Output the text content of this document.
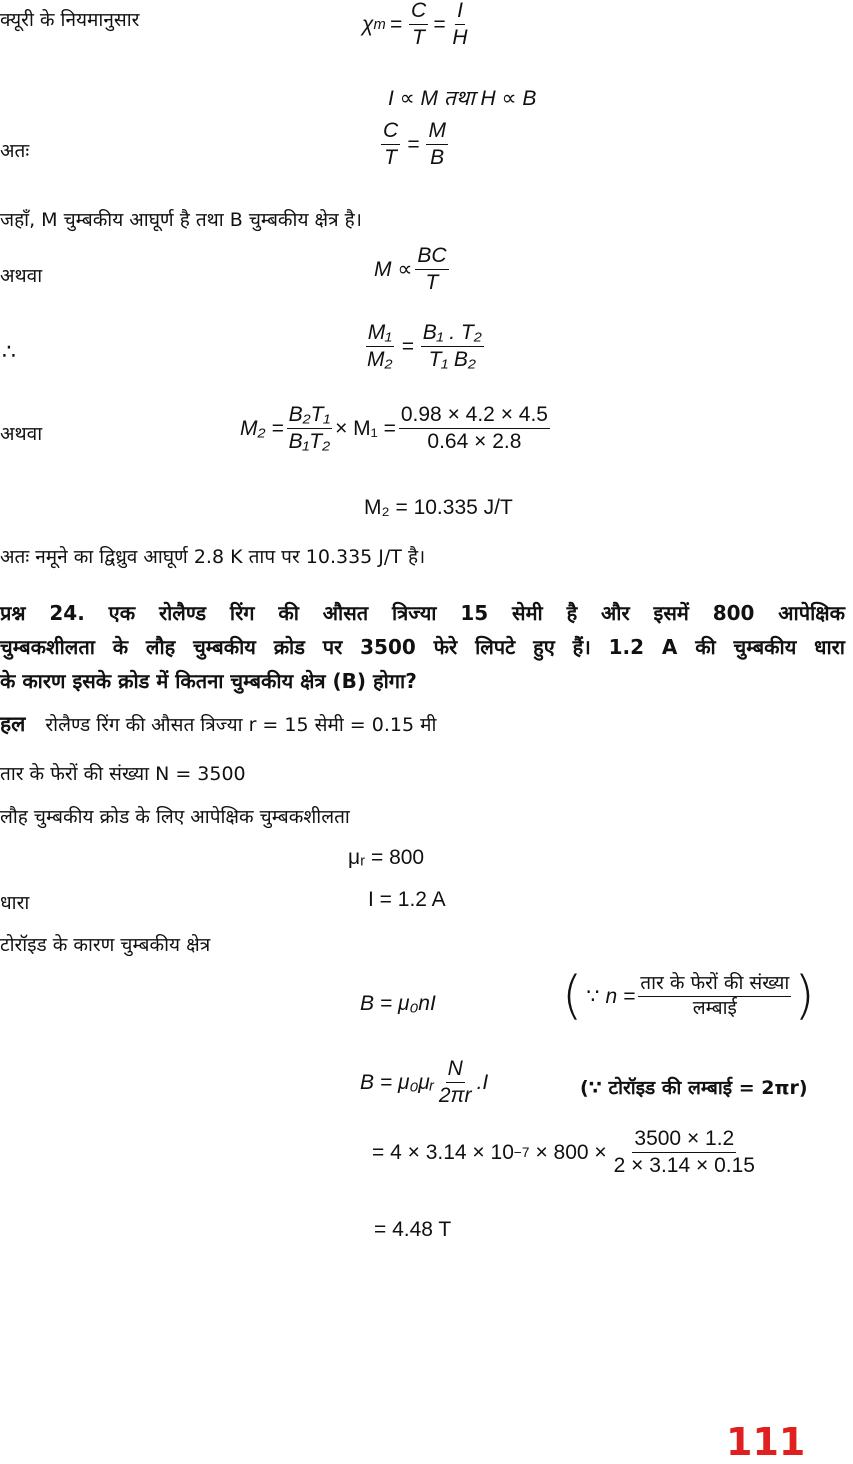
क्यूरी के नियमानुसार	χ $m = \frac{C}{T} = \frac{I}{H}$
I ∝ M तथा H ∝ B
अतः	$\frac{C}{T} = \frac{M}{B}$
जहाँ, M चुम्बकीय आघूर्ण है तथा B चुम्बकीय क्षेत्र है।
अथवा	$M \propto \frac{BC}{T}$
∴	$\frac{\text{M₁}}{\text{M₂}} = \frac{\text{B₁ . T₂}}{\text{T₁ B₂}}$
अथवा	$M_2 = \frac{\text{B₂T₁}}{\text{B₁T₂}} \times M_1 = \frac{0.98 \times 4.2 \times 4.5}{0.64 \times 2.8}$
M₂ = 10.335 J/T
अतः नमूने का द्विध्रुव आघूर्ण 2.8 K ताप पर 10.335 J/T है।
प्रश्न 24. एक रोलैण्ड रिंग की औसत त्रिज्या 15 सेमी है और इसमें 800 आपेक्षिक
चुम्बकशीलता के लौह चुम्बकीय क्रोड पर 3500 फेरे लिपटे हुए हैं। 1.2 A की चुम्बकीय धारा
के कारण इसके क्रोड में कितना चुम्बकीय क्षेत्र (B) होगा?
हल रोलैण्ड रिंग की औसत त्रिज्या r = 15 सेमी = 0.15 मी
तार के फेरों की संख्या N = 3500
लौह चुम्बकीय क्रोड के लिए आपेक्षिक चुम्बकशीलता
μᵣ = 800
धारा	I = 1.2 A
टोरॉइड के कारण चुम्बकीय क्षेत्र
B = μ₀nI ( ∵ $n = \frac{\text{तार के फेरों की संख्या}}{\text{लम्बाई}}$ )
B = μ₀μᵣ $\frac{N}{2\pi r} .I$	(∵ टोरॉइड की लम्बाई = 2πr)
= $4 \times 3.14 \times 10 -7 \times 800 \times \frac{3500 \times 1.2}{2 \times 3.14 \times 0.15}$
= 4.48 T
111
